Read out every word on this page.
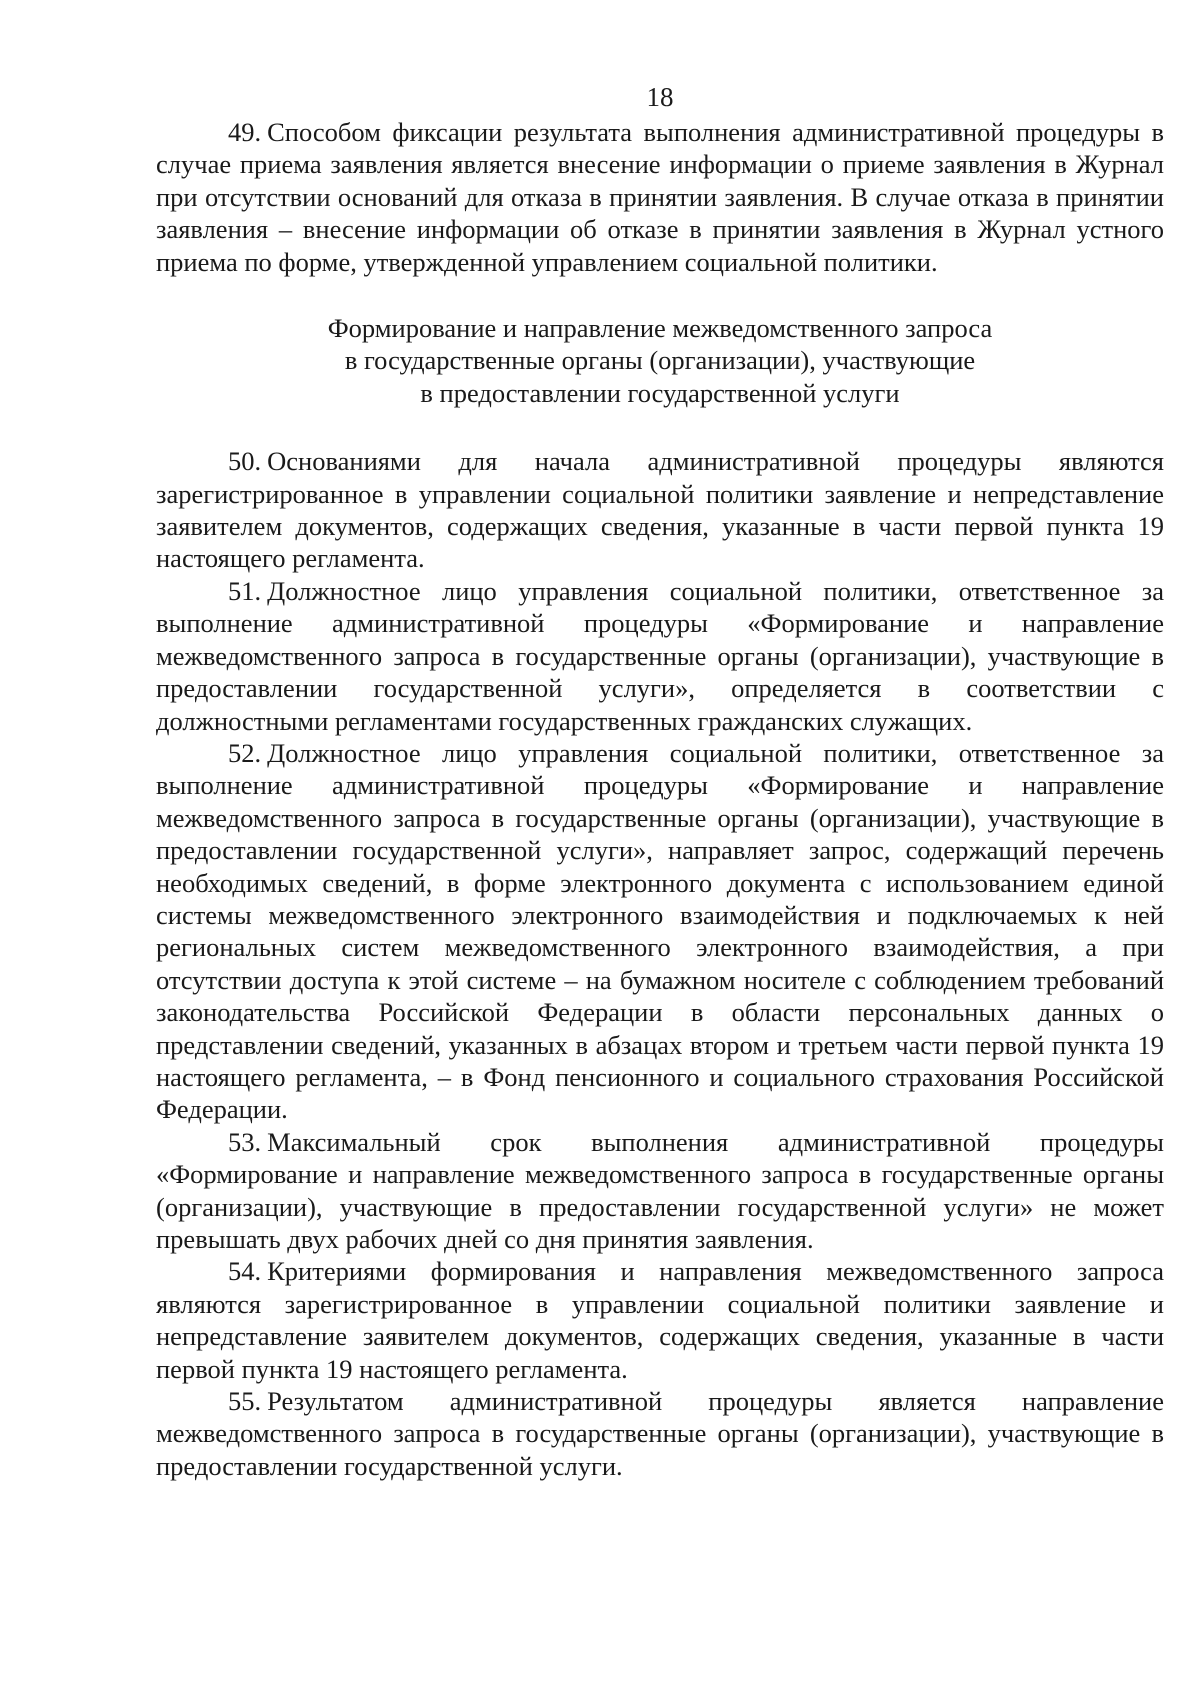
18

49. Способом фиксации результата выполнения административной процедуры в случае приема заявления является внесение информации о приеме заявления в Журнал при отсутствии оснований для отказа в принятии заявления. В случае отказа в принятии заявления – внесение информации об отказе в принятии заявления в Журнал устного приема по форме, утвержденной управлением социальной политики.

Формирование и направление межведомственного запроса
в государственные органы (организации), участвующие
в предоставлении государственной услуги

50. Основаниями для начала административной процедуры являются зарегистрированное в управлении социальной политики заявление и непредставление заявителем документов, содержащих сведения, указанные в части первой пункта 19 настоящего регламента.

51. Должностное лицо управления социальной политики, ответственное за выполнение административной процедуры «Формирование и направление межведомственного запроса в государственные органы (организации), участвующие в предоставлении государственной услуги», определяется в соответствии с должностными регламентами государственных гражданских служащих.

52. Должностное лицо управления социальной политики, ответственное за выполнение административной процедуры «Формирование и направление межведомственного запроса в государственные органы (организации), участвующие в предоставлении государственной услуги», направляет запрос, содержащий перечень необходимых сведений, в форме электронного документа с использованием единой системы межведомственного электронного взаимодействия и подключаемых к ней региональных систем межведомственного электронного взаимодействия, а при отсутствии доступа к этой системе – на бумажном носителе с соблюдением требований законодательства Российской Федерации в области персональных данных о представлении сведений, указанных в абзацах втором и третьем части первой пункта 19 настоящего регламента, – в Фонд пенсионного и социального страхования Российской Федерации.

53. Максимальный срок выполнения административной процедуры «Формирование и направление межведомственного запроса в государственные органы (организации), участвующие в предоставлении государственной услуги» не может превышать двух рабочих дней со дня принятия заявления.

54. Критериями формирования и направления межведомственного запроса являются зарегистрированное в управлении социальной политики заявление и непредставление заявителем документов, содержащих сведения, указанные в части первой пункта 19 настоящего регламента.

55. Результатом административной процедуры является направление межведомственного запроса в государственные органы (организации), участвующие в предоставлении государственной услуги.
